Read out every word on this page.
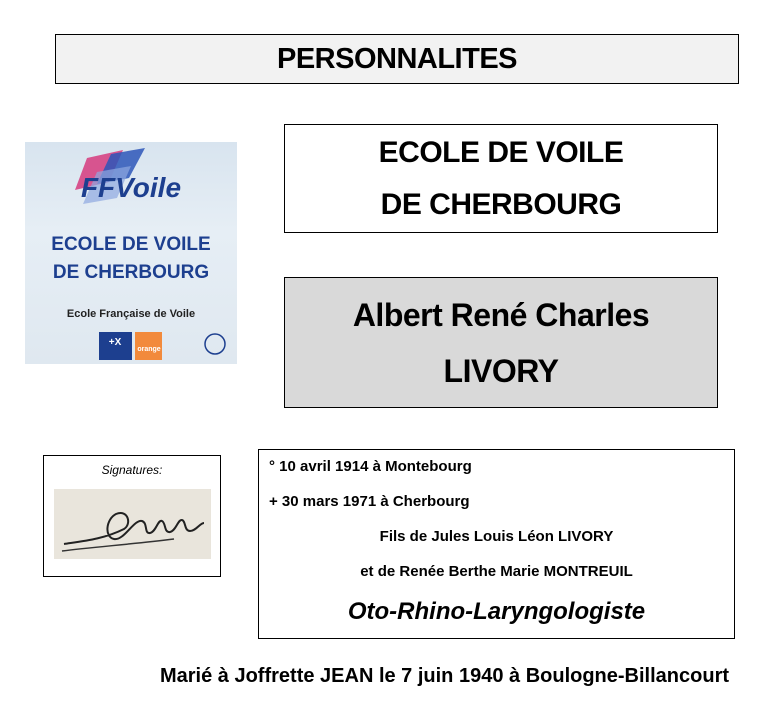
PERSONNALITES
FFVoile
ECOLE DE VOILE
DE CHERBOURG
Ecole Française de Voile
+X
orange
ECOLE DE VOILE
DE CHERBOURG
Albert René Charles
LIVORY
Signatures:	° 10 avril 1914 à Montebourg
+ 30 mars 1971 à Cherbourg
Fils de Jules Louis Léon LIVORY
et de Renée Berthe Marie MONTREUIL
Oto-Rhino-Laryngologiste
Marié à Joffrette JEAN le 7 juin 1940 à Boulogne-Billancourt
